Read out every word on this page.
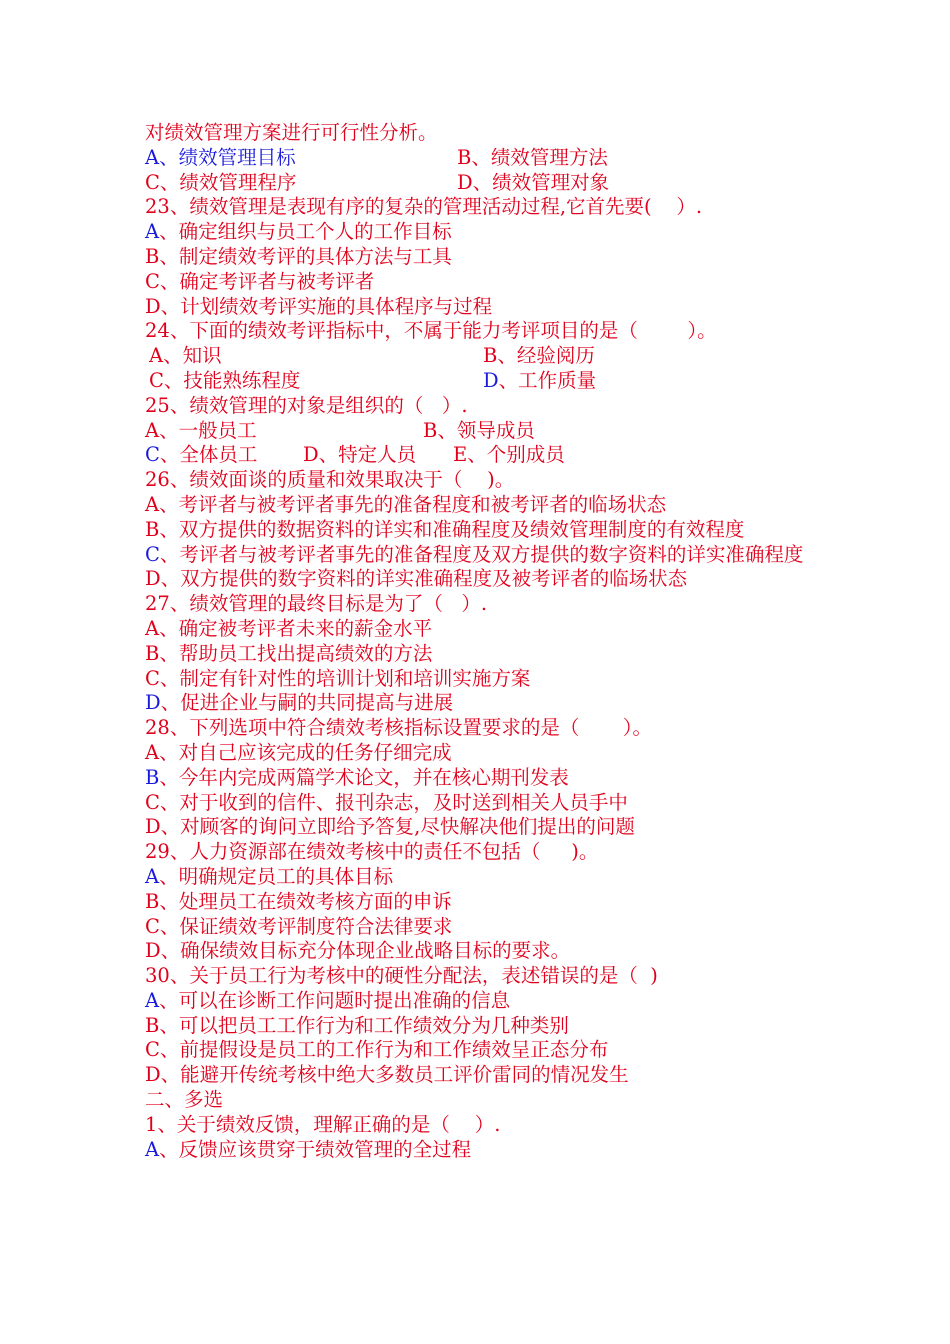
对绩效管理方案进行可行性分析。
A、绩效管理目标	B、绩效管理方法
C、绩效管理程序	D、绩效管理对象
23、绩效管理是表现有序的复杂的管理活动过程,它首先要(    ）.
A、确定组织与员工个人的工作目标
B、制定绩效考评的具体方法与工具
C、确定考评者与被考评者
D、计划绩效考评实施的具体程序与过程
24、下面的绩效考评指标中，不属于能力考评项目的是（        ）。
A、知识	B、经验阅历
C、技能熟练程度	D、工作质量
25、绩效管理的对象是组织的（   ）.
A、一般员工	B、领导成员
C、全体员工	D、特定人员	E、个别成员
26、绩效面谈的质量和效果取决于（    )。
A、考评者与被考评者事先的准备程度和被考评者的临场状态
B、双方提供的数据资料的详实和准确程度及绩效管理制度的有效程度
C、考评者与被考评者事先的准备程度及双方提供的数字资料的详实准确程度
D、双方提供的数字资料的详实准确程度及被考评者的临场状态
27、绩效管理的最终目标是为了（   ）.
A、确定被考评者未来的薪金水平
B、帮助员工找出提高绩效的方法
C、制定有针对性的培训计划和培训实施方案
D、促进企业与嗣的共同提高与进展
28、下列选项中符合绩效考核指标设置要求的是（       ）。
A、对自己应该完成的任务仔细完成
B、今年内完成两篇学术论文，并在核心期刊发表
C、对于收到的信件、报刊杂志，及时送到相关人员手中
D、对顾客的询问立即给予答复,尽快解决他们提出的问题
29、人力资源部在绩效考核中的责任不包括（     )。
A、明确规定员工的具体目标
B、处理员工在绩效考核方面的申诉
C、保证绩效考评制度符合法律要求
D、确保绩效目标充分体现企业战略目标的要求。
30、关于员工行为考核中的硬性分配法，表述错误的是（  )
A、可以在诊断工作问题时提出准确的信息
B、可以把员工工作行为和工作绩效分为几种类别
C、前提假设是员工的工作行为和工作绩效呈正态分布
D、能避开传统考核中绝大多数员工评价雷同的情况发生
二、多选
1、关于绩效反馈，理解正确的是（    ）.
A、反馈应该贯穿于绩效管理的全过程
